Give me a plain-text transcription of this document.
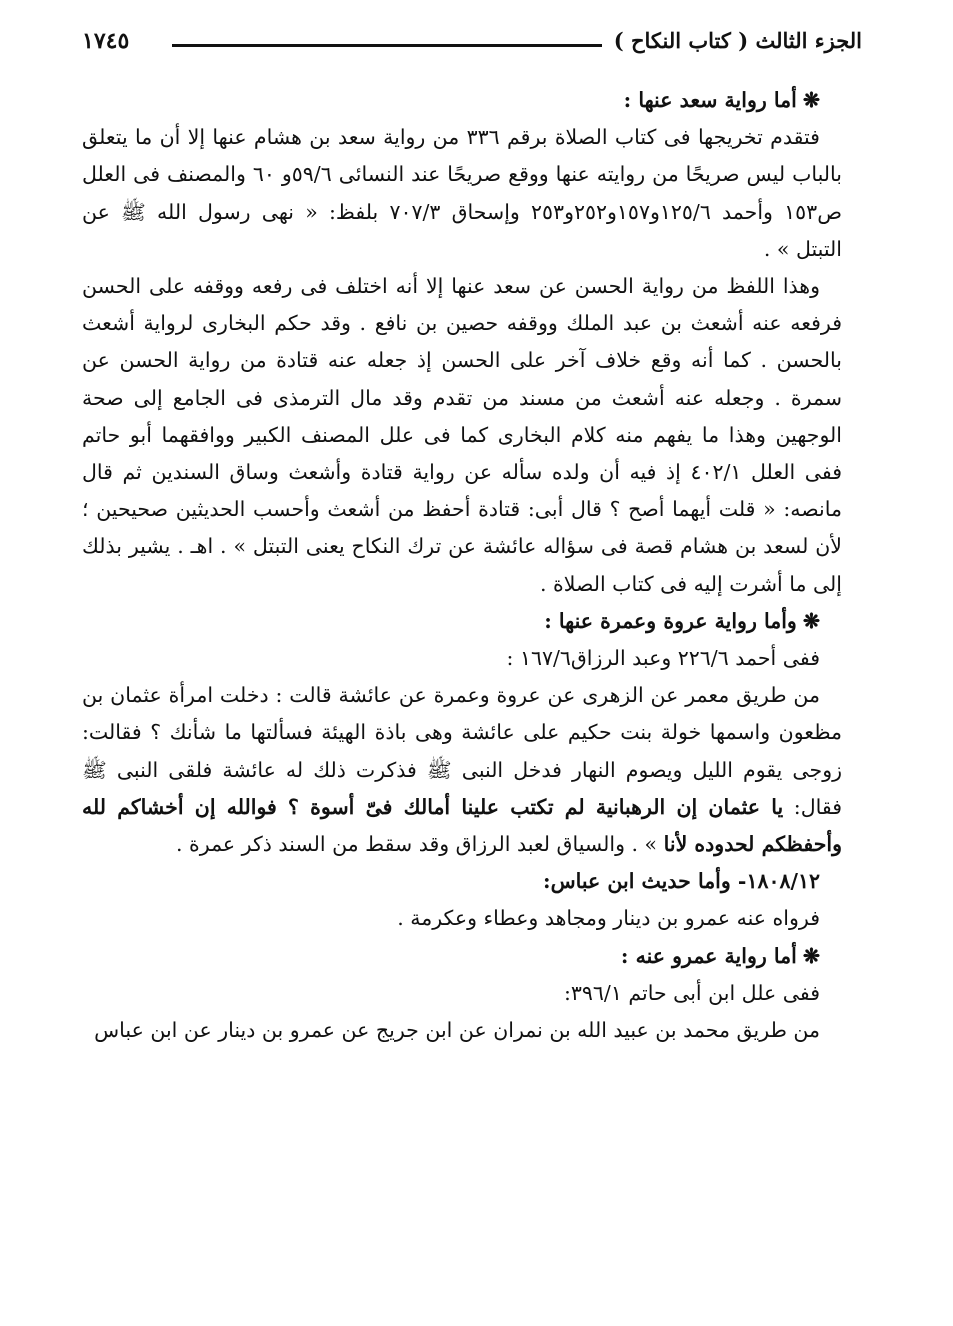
الجزء الثالث ( كتاب النكاح )
١٧٤٥

❋أما رواية سعد عنها :

فتقدم تخريجها فى كتاب الصلاة برقم ٣٣٦ من رواية سعد بن هشام عنها إلا أن ما يتعلق بالباب ليس صريحًا من روايته عنها ووقع صريحًا عند النسائى ٥٩/٦و ٦٠ والمصنف فى العلل ص١٥٣ وأحمد ١٢٥/٦و١٥٧و٢٥٢و٢٥٣ وإسحاق ٧٠٧/٣ بلفظ: « نهى رسول الله ﷺ عن التبتل » .

وهذا اللفظ من رواية الحسن عن سعد عنها إلا أنه اختلف فى رفعه ووقفه على الحسن فرفعه عنه أشعث بن عبد الملك ووقفه حصين بن نافع . وقد حكم البخارى لرواية أشعث بالحسن . كما أنه وقع خلاف آخر على الحسن إذ جعله عنه قتادة من رواية الحسن عن سمرة . وجعله عنه أشعث من مسند من تقدم وقد مال الترمذى فى الجامع إلى صحة الوجهين وهذا ما يفهم منه كلام البخارى كما فى علل المصنف الكبير ووافقهما أبو حاتم ففى العلل ٤٠٢/١ إذ فيه أن ولده سأله عن رواية قتادة وأشعث وساق السندين ثم قال مانصه: « قلت أيهما أصح ؟ قال أبى: قتادة أحفظ من أشعث وأحسب الحديثين صحيحين ؛ لأن لسعد بن هشام قصة فى سؤاله عائشة عن ترك النكاح يعنى التبتل » . اهـ . يشير بذلك إلى ما أشرت إليه فى كتاب الصلاة .

❋وأما رواية عروة وعمرة عنها :

ففى أحمد ٢٢٦/٦ وعبد الرزاق١٦٧/٦ :

من طريق معمر عن الزهرى عن عروة وعمرة عن عائشة قالت : دخلت امرأة عثمان بن مظعون واسمها خولة بنت حكيم على عائشة وهى باذة الهيئة فسألتها ما شأنك ؟ فقالت: زوجى يقوم الليل ويصوم النهار فدخل النبى ﷺ فذكرت ذلك له عائشة فلقى النبى ﷺ فقال: يا عثمان إن الرهبانية لم تكتب علينا أمالك فىّ أسوة ؟ فوالله إن أخشاكم لله وأحفظكم لحدوده لأنا » . والسياق لعبد الرزاق وقد سقط من السند ذكر عمرة .

١٨٠٨/١٢- وأما حديث ابن عباس:

فرواه عنه عمرو بن دينار ومجاهد وعطاء وعكرمة .

❋أما رواية عمرو عنه :

ففى علل ابن أبى حاتم ٣٩٦/١:

من طريق محمد بن عبيد الله بن نمران عن ابن جريج عن عمرو بن دينار عن ابن عباس
